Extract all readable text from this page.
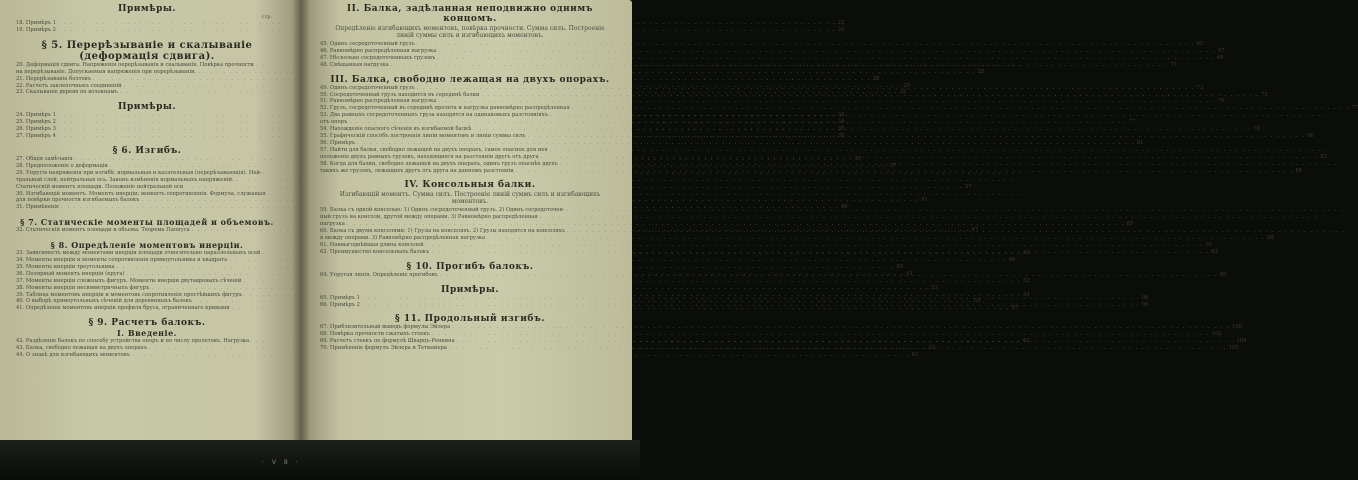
Примѣры.
стр.
18. Примѣръ 1 . . .	23
19. Примѣръ 2 . . .	24
§ 5. Перерѣзываніе и скалываніе (деформація сдвига).
20. Деформація сдвига. Напряженія перерѣзыванія и скалыванія. Повѣрка прочности
. . .
на перерѣзываніе. Допускаемыя напряженія при перерѣзываніи. . . .	25
21. Перерѣзываніе болтовъ . . .	28
22. Расчетъ заклепочныхъ соединеній . . .	29
23. Скалываніе деревя по волокнамъ . . .	32
Примѣры.
24. Примѣръ 1 . . .	34
25. Примѣръ 2 . . .	34
26. Примѣръ 3 . . .	35
27. Примѣръ 4 . . .	35
§ 6. Изгибъ.
27. Общія замѣчанія . . .	35
28. Предположеніе о деформаціи . . .	37
29. Упругія напряженія при изгибѣ: нормальныя и касательныя (перерѣзывающія). Ней-
. . .
тральный слой, нейтральная ось. Законъ измѣненія нормальныхъ напряженій.
. . .
Статическій моментъ площади. Положеніе нейтральной оси . . .	37
30. Изгибающій моментъ. Моментъ инерціи; моментъ сопротивленія. Формула, служащая
. . .
для повѣрки прочности изгибаемыхъ балокъ . . .	41
31. Примѣненіе . . .	46
§ 7. Статическіе моменты площадей и объемовъ.
32. Статическій моментъ площади и объема. Теорема Паппуса . . .	47
§ 8. Опредѣленіе моментовъ инерціи.
33. Зависимость между моментами инерціи площади относительно параллельныхъ осей . . .	48
34. Моменты инерціи и моменты сопротивленія прямоугольника и квадрата . . .	49
35. Моменты инерціи треугольника . . .	50
36. Полярный моментъ инерціи (круга) . . .	51
37. Моменты инерціи сложныхъ фигуръ. Моменты инерціи двутавровыхъ сѣченій . . .	52
38. Моменты инерціи несимметричныхъ фигуръ . . .	53
39. Таблица моментовъ инерціи и моментовъ сопротивленія простѣйшихъ фигуръ . . .	54
40. О выборѣ прямоугольныхъ сѣченій для деревянныхъ балокъ . . .	55
41. Опредѣленіе моментовъ инерціи профиля бруса, ограниченнаго кривыми . . .	57
§ 9. Расчетъ балокъ.
І. Введеніе.
42. Раздѣленіе балокъ по способу устройства опоръ и по числу пролетовъ. Нагрузка . . .	61
43. Балка, свободно лежащая на двухъ опорахъ . . .	62
44. О знакѣ для изгибающихъ моментовъ . . .	63
II. Балка, задѣланная неподвижно однимъ концомъ.
Опредѣленіе изгибающихъ моментовъ, повѣрка прочности. Сумма силъ. Построеніе линій суммы силъ и изгибающихъ моментовъ.
45. Одинъ сосредоточенный грузъ . . .	65
46. Равномѣрно распредѣленная нагрузка . . .	67
47. Нѣсколько сосредоточенныхъ грузовъ . . .	69
48. Смѣшанная нагрузка . . .	71
III. Балка, свободно лежащая на двухъ опорахъ.
49. Одинъ сосредоточенный грузъ . . .	73
50. Сосредоточенный грузъ находится въ серединѣ балки . . .	75
51. Равномѣрно распредѣленная нагрузка . . .	76
52. Грузъ, сосредоточенный въ серединѣ пролета и нагрузка равномѣрно распредѣленная . . .	77
53. Два равныхъ сосредоточенныхъ груза находятся на одинаковыхъ разстояніяхъ
. . .
отъ опоръ . . .	77
54. Нахожденіе опасного сѣченія въ изгибаемой балкѣ . . .	78
55. Графическій способъ построенія линіи моментовъ и линіи суммы силъ . . .	80
56. Примѣръ . . .	81
57. Найти для балки, свободно лежащей на двухъ опорахъ, самое опасное для нея
. . .
положеніе двухъ равныхъ грузовъ, находящихся на разстояніи другъ отъ друга . . .	83
58. Когда для балки, свободно лежащей на двухъ опорахъ, одинъ грузъ опаснѣе двухъ
. . .
такихъ же грузовъ, лежащихъ другъ отъ друга на данномъ разстояніи . . .	84
IV. Консольныя балки.
Изгибающій моментъ. Сумма силъ. Построеніе линій суммъ силъ и изгибающихъ моментовъ.
59. Балка съ одной консолью: 1) Одинъ сосредоточенный грузъ. 2) Одинъ сосредоточен-
. . .
ный грузъ на консоли, другой между опорами. 3) Равномѣрно распредѣленная
. . .
нагрузка . . .	85
60. Балка съ двумя консолями: 1) Грузы на консоляхъ. 2) Грузы находятся на консоляхъ
. . .
и между опорами. 3) Равномѣрно распредѣленная нагрузка . . .	88
61. Наивыгоднѣйшая длина консолей . . .	91
62. Преимущество консольныхъ балокъ . . .	93
§ 10. Прогибъ балокъ.
64. Упругая линія. Опредѣленіе прогибовъ . . .	95
Примѣры.
65. Примѣръ 1 . . .	98
66. Примѣръ 2 . . .	99
§ 11. Продольный изгибъ.
67. Приблизительный выводъ формулы Эйлера . . .	100
68. Повѣрка прочности сжатыхъ стоекъ . . .	102
69. Расчетъ стоекъ по формулѣ Шварцъ-Ренкина . . .	104
70. Примѣненіе формулъ Эйлера и Тетмайера . . .	105
· V 8 ·
